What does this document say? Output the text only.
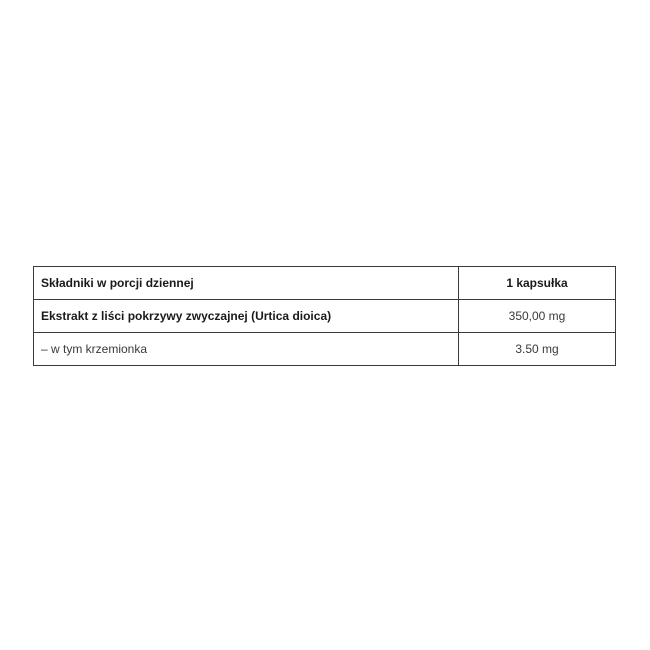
Składniki w porcji dziennej	1 kapsułka
Ekstrakt z liści pokrzywy zwyczajnej (Urtica dioica)	350,00 mg
– w tym krzemionka	3.50 mg
